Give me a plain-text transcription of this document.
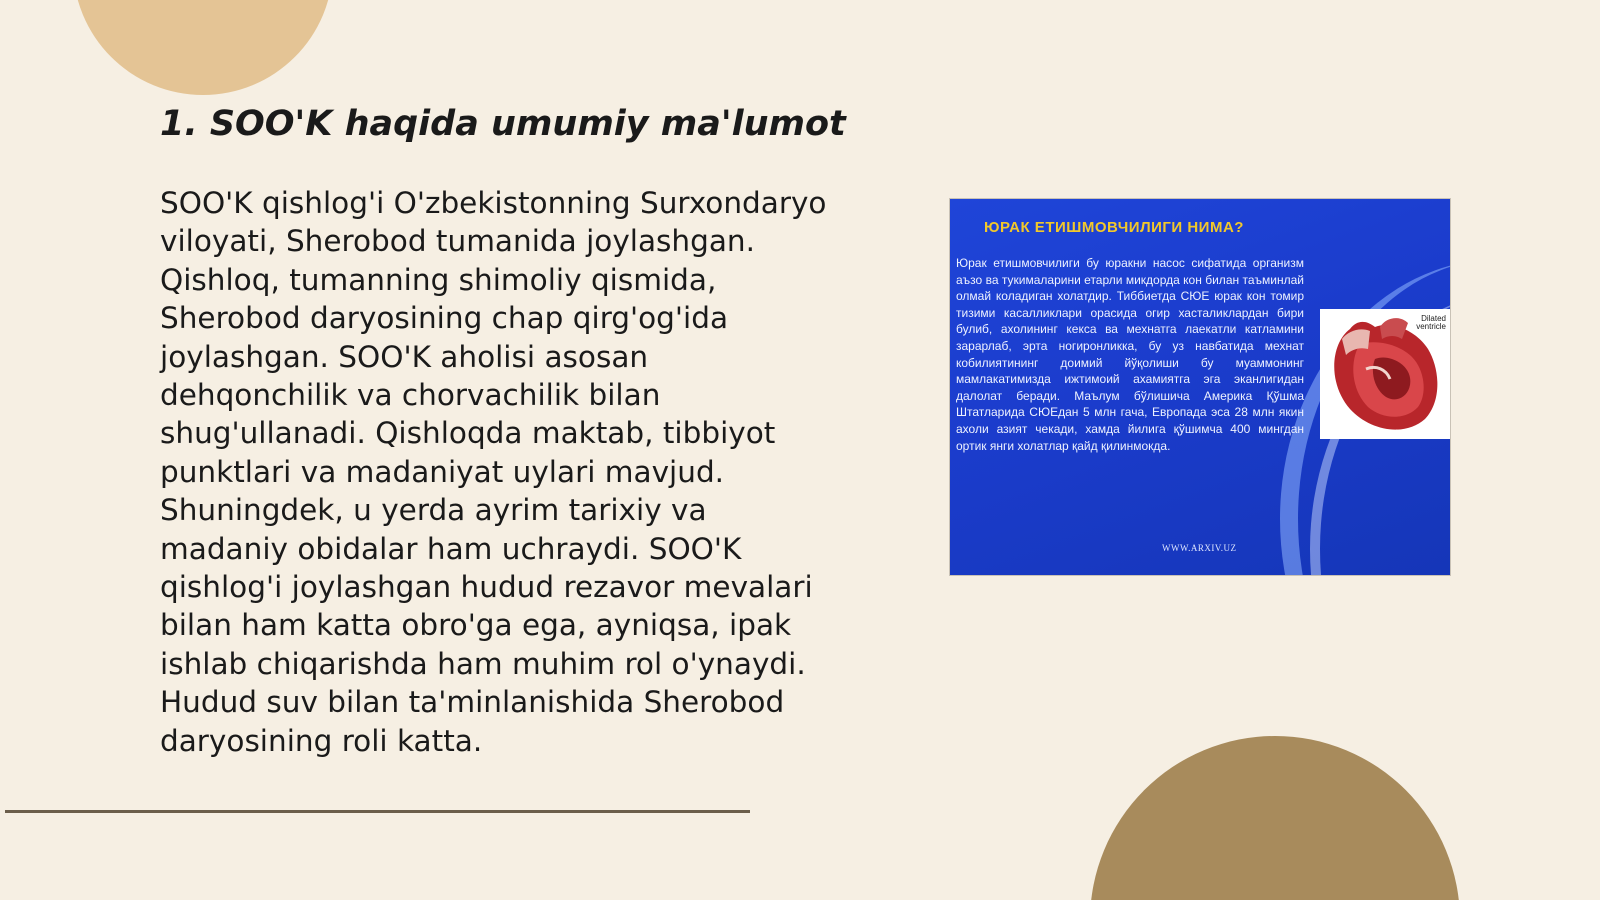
1. SOO'K haqida umumiy ma'lumot

SOO'K qishlog'i O'zbekistonning Surxondaryo viloyati, Sherobod tumanida joylashgan. Qishloq, tumanning shimoliy qismida, Sherobod daryosining chap qirg'og'ida joylashgan. SOO'K aholisi asosan dehqonchilik va chorvachilik bilan shug'ullanadi. Qishloqda maktab, tibbiyot punktlari va madaniyat uylari mavjud. Shuningdek, u yerda ayrim tarixiy va madaniy obidalar ham uchraydi. SOO'K qishlog'i joylashgan hudud rezavor mevalari bilan ham katta obro'ga ega, ayniqsa, ipak ishlab chiqarishda ham muhim rol o'ynaydi. Hudud suv bilan ta'minlanishida Sherobod daryosining roli katta.

ЮРАК ЕТИШМОВЧИЛИГИ НИМА?

Юрак етишмовчилиги бу юракни насос сифатида организм аъзо ва тукималарини етарли микдорда кон билан таъминлай олмай коладиган холатдир. Тиббиетда СЮЕ юрак кон томир тизими касалликлари орасида огир хасталиклардан бири булиб, ахолининг кекса ва мехнатга лаекатли катламини зарарлаб, эрта ногиронликка, бу уз навбатида мехнат кобилиятининг доимий йўқолиши бу муаммонинг мамлакатимизда ижтимоий ахамиятга эга эканлигидан далолат беради. Маълум бўлишича Америка Қўшма Штатларида СЮЕдан 5 млн гача, Европада эса 28 млн якин ахоли азият чекади, хамда йилига қўшимча 400 мингдан ортик янги холатлар қайд қилинмокда.

Dilated ventricle
WWW.ARXIV.UZ
